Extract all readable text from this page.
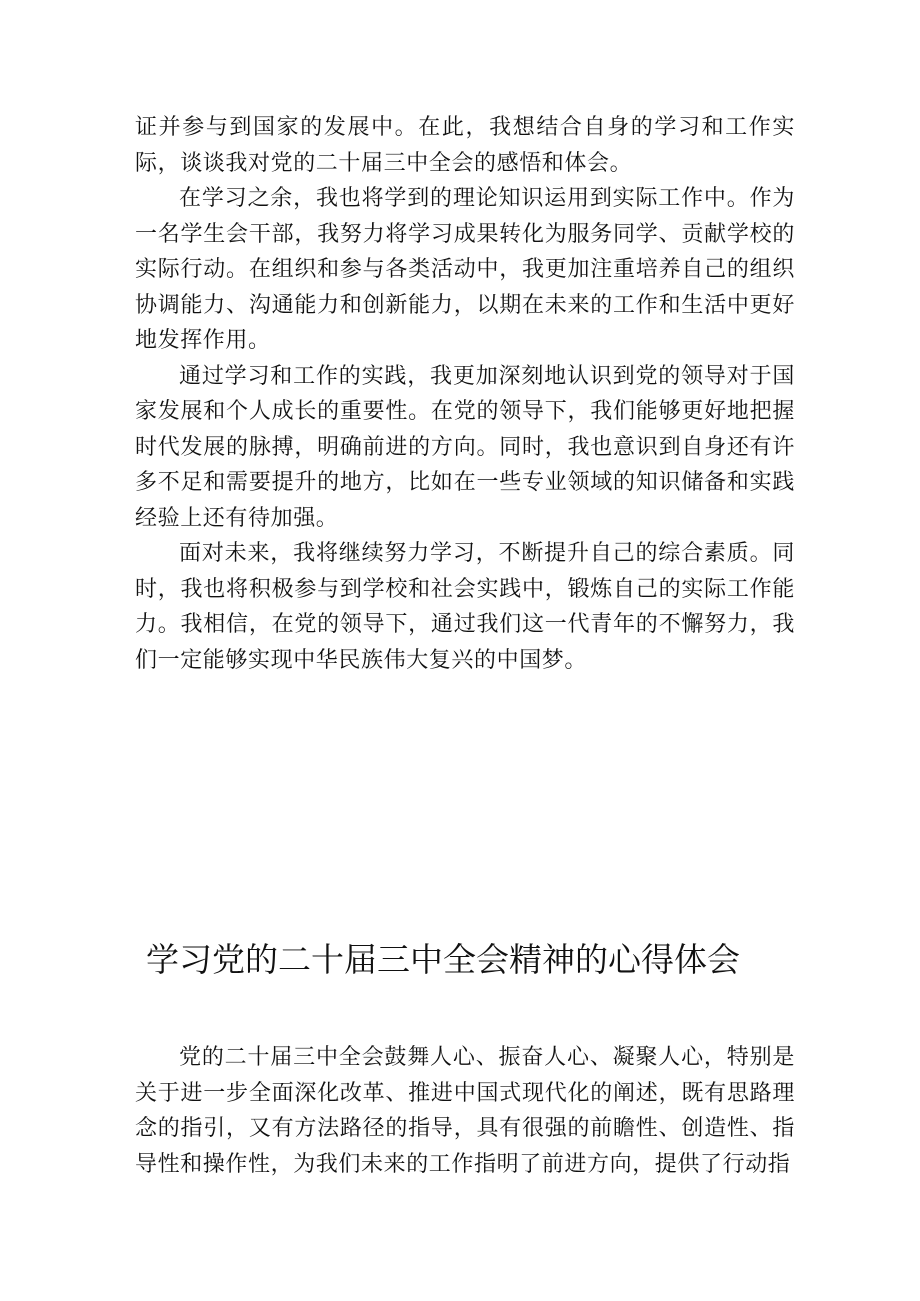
证并参与到国家的发展中。在此，我想结合自身的学习和工作实际，谈谈我对党的二十届三中全会的感悟和体会。

在学习之余，我也将学到的理论知识运用到实际工作中。作为一名学生会干部，我努力将学习成果转化为服务同学、贡献学校的实际行动。在组织和参与各类活动中，我更加注重培养自己的组织协调能力、沟通能力和创新能力，以期在未来的工作和生活中更好地发挥作用。

通过学习和工作的实践，我更加深刻地认识到党的领导对于国家发展和个人成长的重要性。在党的领导下，我们能够更好地把握时代发展的脉搏，明确前进的方向。同时，我也意识到自身还有许多不足和需要提升的地方，比如在一些专业领域的知识储备和实践经验上还有待加强。

面对未来，我将继续努力学习，不断提升自己的综合素质。同时，我也将积极参与到学校和社会实践中，锻炼自己的实际工作能力。我相信，在党的领导下，通过我们这一代青年的不懈努力，我们一定能够实现中华民族伟大复兴的中国梦。

学习党的二十届三中全会精神的心得体会

党的二十届三中全会鼓舞人心、振奋人心、凝聚人心，特别是关于进一步全面深化改革、推进中国式现代化的阐述，既有思路理念的指引，又有方法路径的指导，具有很强的前瞻性、创造性、指导性和操作性，为我们未来的工作指明了前进方向，提供了行动指
